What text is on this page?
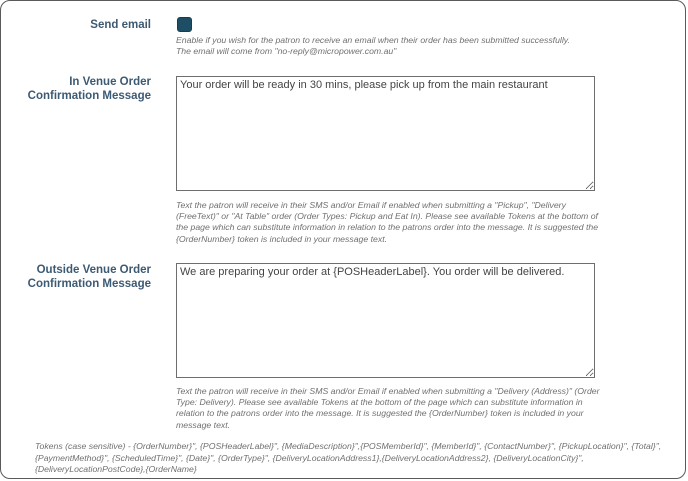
Send email
Enable if you wish for the patron to receive an email when their order has been submitted successfully.
The email will come from "no-reply@micropower.com.au"
In Venue Order
Confirmation Message
Your order will be ready in 30 mins, please pick up from the main restaurant
Text the patron will receive in their SMS and/or Email if enabled when submitting a "Pickup", "Delivery (FreeText)" or "At Table" order (Order Types: Pickup and Eat In). Please see available Tokens at the bottom of the page which can substitute information in relation to the patrons order into the message. It is suggested the {OrderNumber} token is included in your message text.
Outside Venue Order
Confirmation Message
We are preparing your order at {POSHeaderLabel}. You order will be delivered.
Text the patron will receive in their SMS and/or Email if enabled when submitting a "Delivery (Address)" (Order Type: Delivery). Please see available Tokens at the bottom of the page which can substitute information in relation to the patrons order into the message. It is suggested the {OrderNumber} token is included in your message text.
Tokens (case sensitive) - {OrderNumber}", {POSHeaderLabel}", {MediaDescription}",{POSMemberId}", {MemberId}", {ContactNumber}", {PickupLocation}", {Total}", {PaymentMethod}", {ScheduledTime}", {Date}", {OrderType}", {DeliveryLocationAddress1},{DeliveryLocationAddress2}, {DeliveryLocationCity}", {DeliveryLocationPostCode},{OrderName}
